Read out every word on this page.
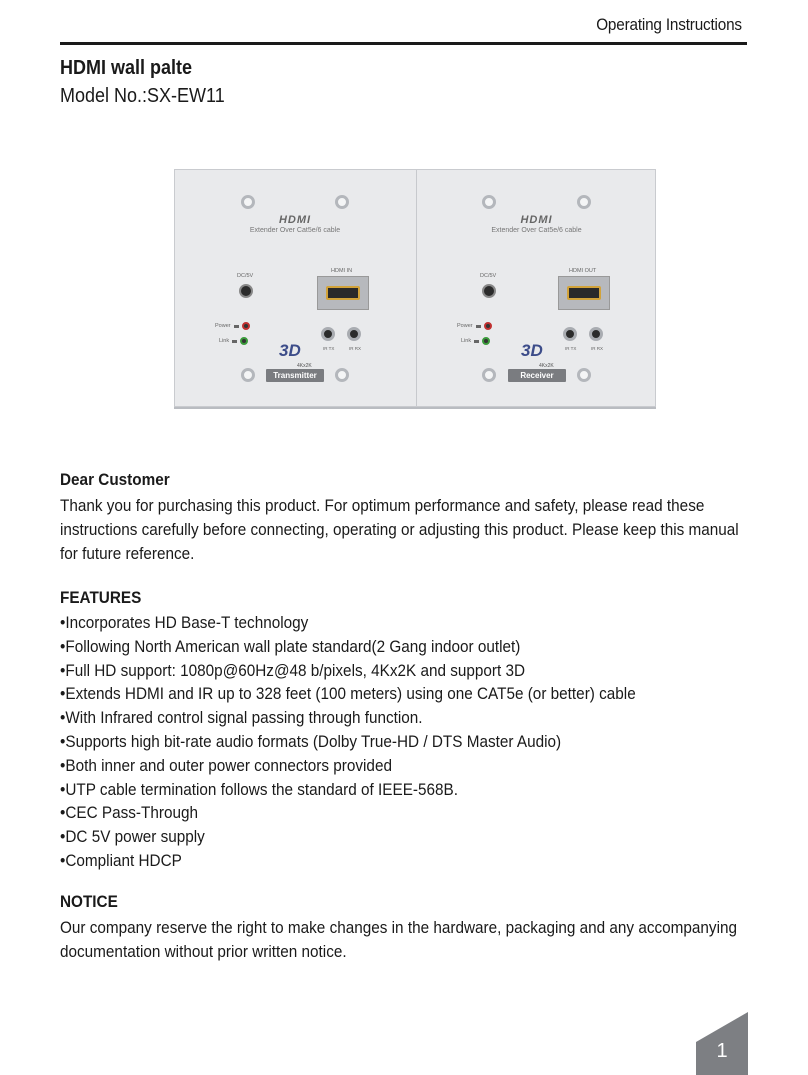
Operating Instructions
HDMI wall palte
Model No.:SX-EW11
HDMI
Extender Over Cat5e/6 cable
DC/5V
HDMI IN
Power
Link
IR TX	IR RX
3D
4Kx2K
Transmitter
HDMI
Extender Over Cat5e/6 cable
DC/5V
HDMI OUT
Power
Link
IR TX	IR RX
3D
4Kx2K
Receiver
Dear Customer
Thank you for purchasing this product. For optimum performance and safety, please read these instructions carefully before connecting, operating or adjusting this product. Please keep this manual for future reference.
FEATURES
• Incorporates HD Base-T technology
• Following North American wall plate standard(2 Gang indoor outlet)
• Full HD support: 1080p@60Hz@48 b/pixels, 4Kx2K and support 3D
• Extends HDMI and IR up to 328 feet (100 meters) using one CAT5e (or better) cable
• With Infrared control signal passing through function.
• Supports high bit-rate audio formats (Dolby True-HD / DTS Master Audio)
• Both inner and outer power connectors provided
• UTP cable termination follows the standard of IEEE-568B.
• CEC Pass-Through
• DC 5V power supply
• Compliant HDCP
NOTICE
Our company reserve the right to make changes in the hardware, packaging and any accompanying documentation without prior written notice.
1
